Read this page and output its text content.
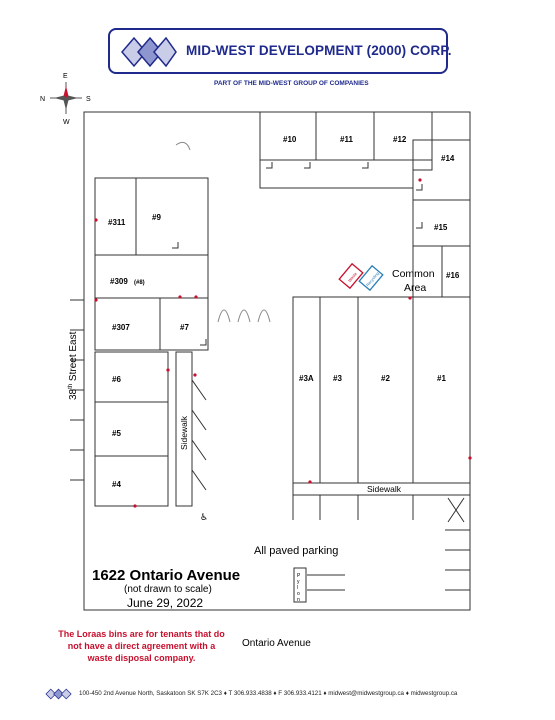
MID-WEST DEVELOPMENT (2000) CORP.
PART OF THE MID-WEST GROUP OF COMPANIES
#10	#11	#12
#14
#15
#16
#311
#9
#309 (#8)
#307	#7
#6
#5
#4
#3A #3	#2	#1
Common
Area
Sidewalk
Sidewalk
38th Street East
Waste Recycling
P
y
l
o
n
N
E
S
W
♿
1622 Ontario Avenue
(not drawn to scale)
June 29, 2022
All paved parking
Ontario Avenue
The Loraas bins are for tenants that do not have a direct agreement with a waste disposal company.
100-450 2nd Avenue North, Saskatoon SK S7K 2C3 ♦ T 306.933.4838 ♦ F 306.933.4121 ♦ midwest@midwestgroup.ca ♦ midwestgroup.ca
